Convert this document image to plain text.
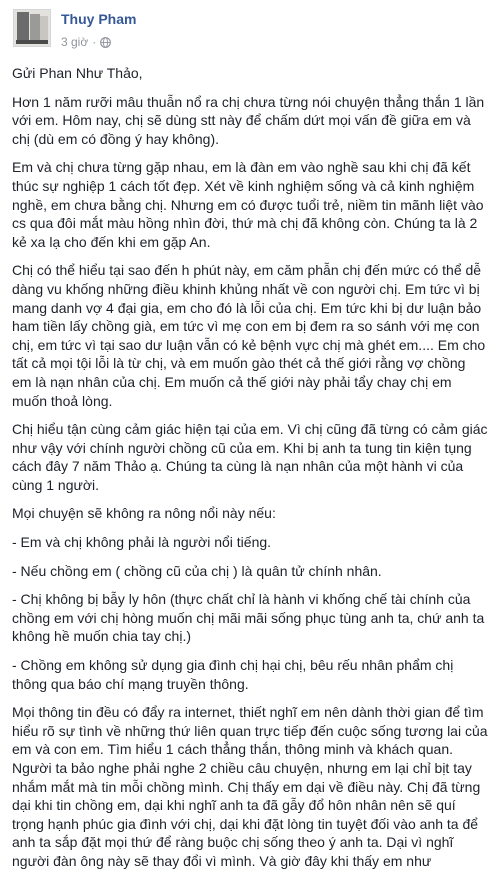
Thuy Pham
3 giờ ·

Gửi Phan Như Thảo,

Hơn 1 năm rưỡi mâu thuẫn nổ ra chị chưa từng nói chuyện thẳng thắn 1 lần với em. Hôm nay, chị sẽ dùng stt này để chấm dứt mọi vấn đề giữa em và chị (dù em có đồng ý hay không).

Em và chị chưa từng gặp nhau, em là đàn em vào nghề sau khi chị đã kết thúc sự nghiệp 1 cách tốt đẹp. Xét về kinh nghiệm sống và cả kinh nghiệm nghề, em chưa bằng chị. Nhưng em có được tuổi trẻ, niềm tin mãnh liệt vào cs qua đôi mắt màu hồng nhìn đời, thứ mà chị đã không còn. Chúng ta là 2 kẻ xa lạ cho đến khi em gặp An.

Chị có thể hiểu tại sao đến h phút này, em căm phẫn chị đến mức có thể dễ dàng vu khống những điều khinh khủng nhất về con người chị. Em tức vì bị mang danh vợ 4 đại gia, em cho đó là lỗi của chị. Em tức khi bị dư luận bảo ham tiền lấy chồng già, em tức vì mẹ con em bị đem ra so sánh với mẹ con chị, em tức vì tại sao dư luận vẫn có kẻ bệnh vực chị mà ghét em.... Em cho tất cả mọi tội lỗi là từ chị, và em muốn gào thét cả thế giới rằng vợ chồng em là nạn nhân của chị. Em muốn cả thế giới này phải tẩy chay chị em muốn thoả lòng.

Chị hiểu tận cùng cảm giác hiện tại của em. Vì chị cũng đã từng có cảm giác như vậy với chính người chồng cũ của em. Khi bị anh ta tung tin kiện tụng cách đây 7 năm Thảo ạ. Chúng ta cùng là nạn nhân của một hành vi của cùng 1 người.

Mọi chuyện sẽ không ra nông nổi này nếu:

- Em và chị không phải là người nổi tiếng.

- Nếu chồng em ( chồng cũ của chị ) là quân tử chính nhân.

- Chị không bị bẫy ly hôn (thực chất chỉ là hành vi khống chế tài chính của chồng em với chị hòng muốn chị mãi mãi sống phục tùng anh ta, chứ anh ta không hề muốn chia tay chị.)

- Chồng em không sử dụng gia đình chị hại chị, bêu rếu nhân phẩm chị thông qua báo chí mạng truyền thông.

Mọi thông tin đều có đẩy ra internet, thiết nghĩ em nên dành thời gian để tìm hiểu rõ sự tình về những thứ liên quan trực tiếp đến cuộc sống tương lai của em và con em. Tìm hiểu 1 cách thẳng thắn, thông minh và khách quan. Người ta bảo nghe phải nghe 2 chiều câu chuyện, nhưng em lại chỉ bịt tay nhắm mắt mà tin mỗi chồng mình. Chị thấy em dại về điều này. Chị đã từng dại khi tin chồng em, dại khi nghĩ anh ta đã gẫy đổ hôn nhân nên sẽ quí trọng hạnh phúc gia đình với chị, dại khi đặt lòng tin tuyệt đối vào anh ta để anh ta sắp đặt mọi thứ để ràng buộc chị sống theo ý anh ta. Dại vì nghĩ người đàn ông này sẽ thay đổi vì mình. Và giờ đây khi thấy em như
